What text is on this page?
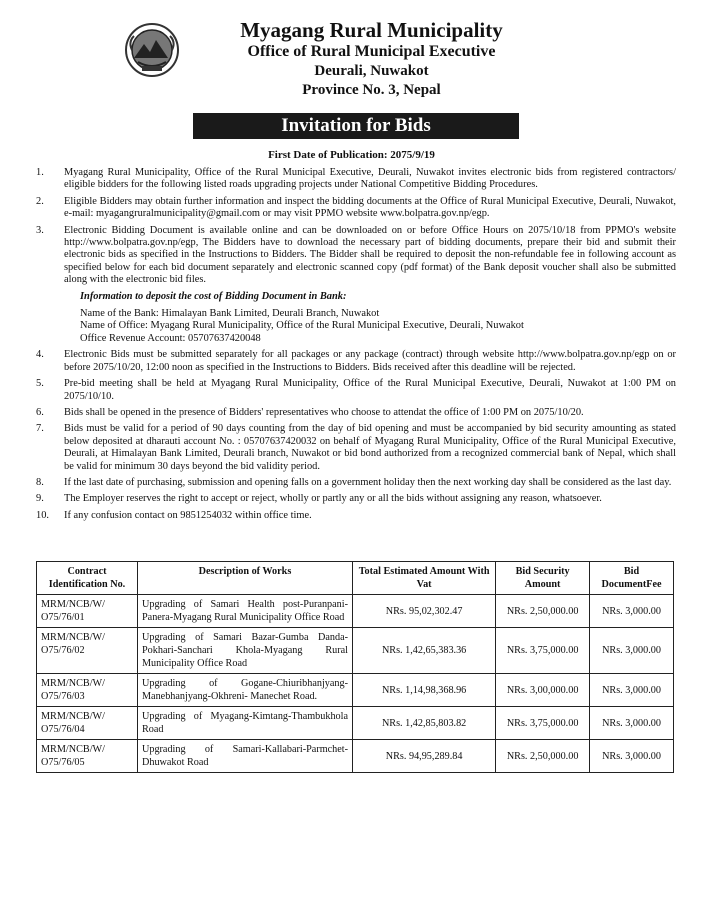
Myagang Rural Municipality
Office of Rural Municipal Executive
Deurali, Nuwakot
Province No. 3, Nepal
Invitation for Bids
First Date of Publication: 2075/9/19
1.	Myagang Rural Municipality, Office of the Rural Municipal Executive, Deurali, Nuwakot invites electronic bids from registered contractors/ eligible bidders for the following listed roads upgrading projects under National Competitive Bidding Procedures.
2.	Eligible Bidders may obtain further information and inspect the bidding documents at the Office of Rural Municipal Executive, Deurali, Nuwakot, e-mail: myagangruralmunicipality@gmail.com or may visit PPMO website www.bolpatra.gov.np/egp.
3.	Electronic Bidding Document is available online and can be downloaded on or before Office Hours on 2075/10/18 from PPMO's website http://www.bolpatra.gov.np/egp, The Bidders have to download the necessary part of bidding documents, prepare their bid and submit their electronic bids as specified in the Instructions to Bidders. The Bidder shall be required to deposit the non-refundable fee in following account as specified below for each bid document separately and electronic scanned copy (pdf format) of the Bank deposit voucher shall also be submitted along with the electronic bid files.
Information to deposit the cost of Bidding Document in Bank:
Name of the Bank: Himalayan Bank Limited, Deurali Branch, Nuwakot
Name of Office: Myagang Rural Municipality, Office of the Rural Municipal Executive, Deurali, Nuwakot
Office Revenue Account: 05707637420048
4.	Electronic Bids must be submitted separately for all packages or any package (contract) through website http://www.bolpatra.gov.np/egp on or before 2075/10/20, 12:00 noon as specified in the Instructions to Bidders. Bids received after this deadline will be rejected.
5.	Pre-bid meeting shall be held at Myagang Rural Municipality, Office of the Rural Municipal Executive, Deurali, Nuwakot at 1:00 PM on 2075/10/10.
6.	Bids shall be opened in the presence of Bidders' representatives who choose to attendat the office of 1:00 PM on 2075/10/20.
7.	Bids must be valid for a period of 90 days counting from the day of bid opening and must be accompanied by bid security amounting as stated below deposited at dharauti account No. : 05707637420032 on behalf of Myagang Rural Municipality, Office of the Rural Municipal Executive, Deurali, at Himalayan Bank Limited, Deurali branch, Nuwakot or bid bond authorized from a recognized commercial bank of Nepal, which shall be valid for minimum 30 days beyond the bid validity period.
8.	If the last date of purchasing, submission and opening falls on a government holiday then the next working day shall be considered as the last day.
9.	The Employer reserves the right to accept or reject, wholly or partly any or all the bids without assigning any reason, whatsoever.
10.	If any confusion contact on 9851254032 within office time.
Contract Identification No.	Description of Works	Total Estimated Amount With Vat	Bid Security Amount	Bid DocumentFee
MRM/NCB/W/ O75/76/01	Upgrading of Samari Health post-Puranpani-Panera-Myagang Rural Municipality Office Road	NRs. 95,02,302.47	NRs. 2,50,000.00	NRs. 3,000.00
MRM/NCB/W/ O75/76/02	Upgrading of Samari Bazar-Gumba Danda-Pokhari-Sanchari Khola-Myagang Rural Municipality Office Road	NRs. 1,42,65,383.36	NRs. 3,75,000.00	NRs. 3,000.00
MRM/NCB/W/ O75/76/03	Upgrading of Gogane-Chiuribhanjyang-Manebhanjyang-Okhreni- Manechet Road.	NRs. 1,14,98,368.96	NRs. 3,00,000.00	NRs. 3,000.00
MRM/NCB/W/ O75/76/04	Upgrading of Myagang-Kimtang-Thambukhola Road	NRs. 1,42,85,803.82	NRs. 3,75,000.00	NRs. 3,000.00
MRM/NCB/W/ O75/76/05	Upgrading of Samari-Kallabari-Parmchet-Dhuwakot Road	NRs. 94,95,289.84	NRs. 2,50,000.00	NRs. 3,000.00
